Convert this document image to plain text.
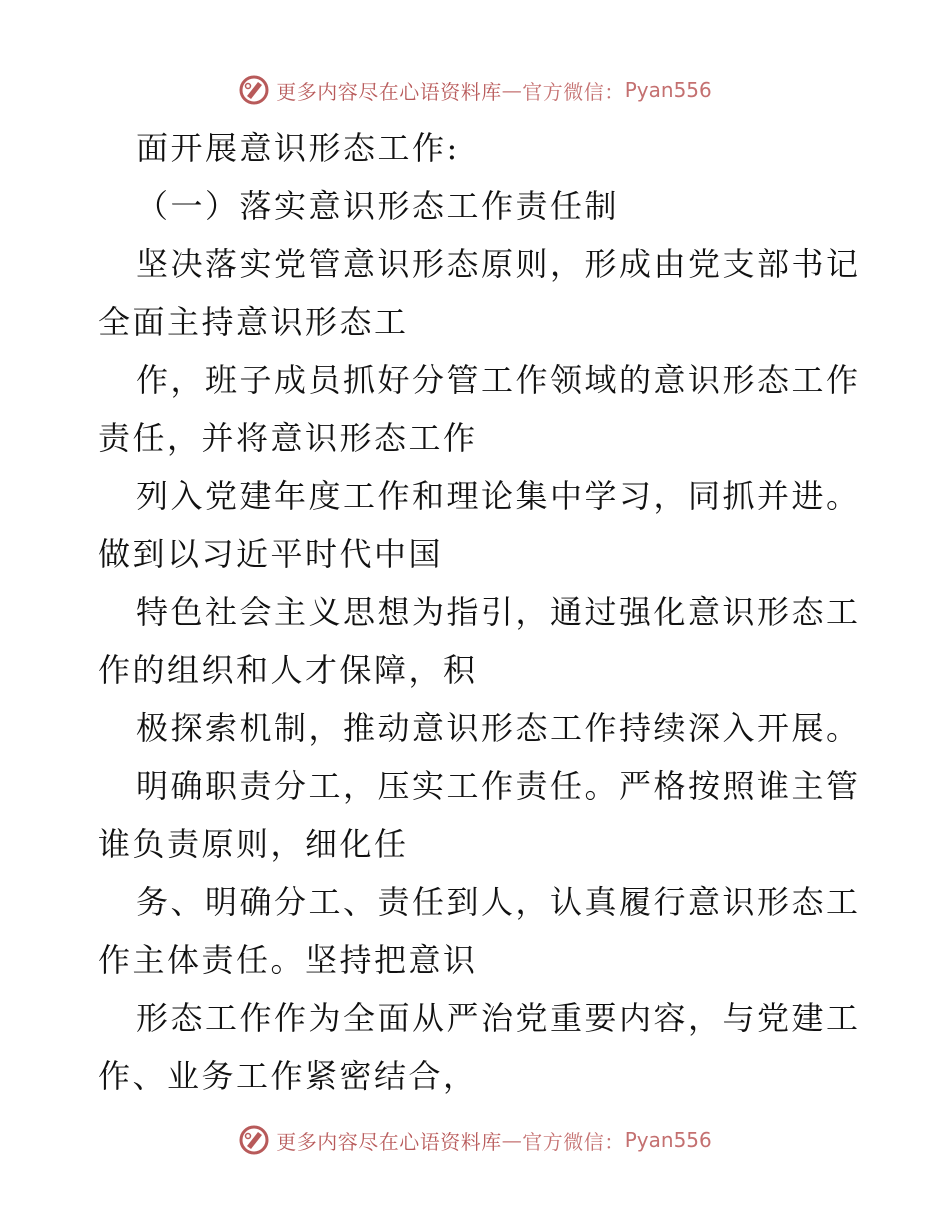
更多内容尽在心语资料库 — 官方微信： Pyan556
面开展意识形态工作:
（一）落实意识形态工作责任制
坚决落实党管意识形态原则，形成由党支部书记
全面主持意识形态工
作，班子成员抓好分管工作领域的意识形态工作
责任，并将意识形态工作
列入党建年度工作和理论集中学习，同抓并进。
做到以习近平时代中国
特色社会主义思想为指引，通过强化意识形态工
作的组织和人才保障，积
极探索机制，推动意识形态工作持续深入开展。
明确职责分工，压实工作责任。严格按照谁主管
谁负责原则，细化任
务、明确分工、责任到人，认真履行意识形态工
作主体责任。坚持把意识
形态工作作为全面从严治党重要内容，与党建工
作、业务工作紧密结合，
更多内容尽在心语资料库 — 官方微信： Pyan556
